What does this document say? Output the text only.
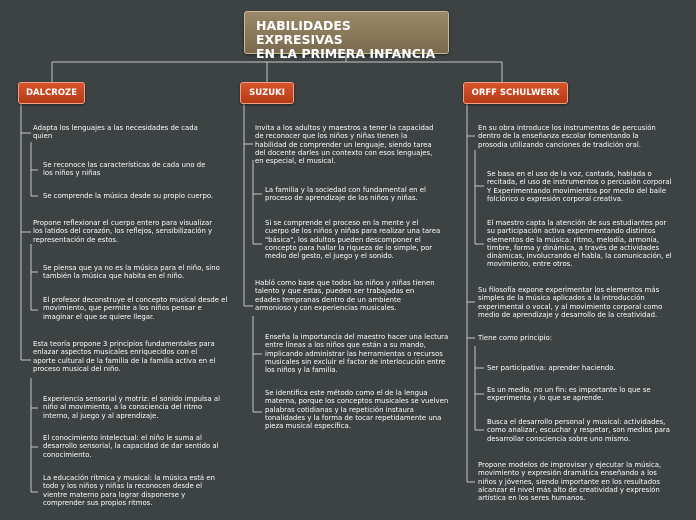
HABILIDADES EXPRESIVAS
EN LA PRIMERA INFANCIA
DALCROZE	SUZUKI	ORFF SCHULWERK

Adapta los lenguajes a las necesidades de cada quien

Se reconoce las características de cada uno de los niños y niñas

Se comprende la música desde su propio cuerpo.

Propone reflexionar el cuerpo entero para visualizar los latidos del corazón, los reflejos, sensibilización y representación de estos.

Se piensa que ya no es la música para el niño, sino también la música que habita en el niño.

El profesor deconstruye el concepto musical desde el movimiento, que permite a los niños pensar e imaginar el que se quiere llegar.

Esta teoría propone 3 principios fundamentales para enlazar aspectos musicales enriquecidos con el aporte cultural de la familia de la familia activa en el proceso musical del niño.

Experiencia sensorial y motriz: el sonido impulsa al niño al movimiento, a la consciencia del ritmo interno, al juego y al aprendizaje.

El conocimiento intelectual: el niño le suma al desarrollo sensorial, la capacidad de dar sentido al conocimiento.

La educación rítmica y musical: la música está en todo y los niños y niñas la reconocen desde el vientre materno para lograr disponerse y comprender sus propios ritmos.

Invita a los adultos y maestros a tener la capacidad de reconocer que los niños y niñas tienen la habilidad de comprender un lenguaje, siendo tarea del docente darles un contexto con esos lenguajes, en especial, el musical.

La familia y la sociedad con fundamental en el proceso de aprendizaje de los niños y niñas.

Si se comprende el proceso en la mente y el cuerpo de los niños y niñas para realizar una tarea "básica", los adultos pueden descomponer el concepto para hallar la riqueza de lo simple, por medio del gesto, el juego y el sonido.

Habló como base que todos los niños y niñas tienen talento y que éstas, pueden ser trabajadas en edades tempranas dentro de un ambiente armonioso y con experiencias musicales.

Enseña la importancia del maestro hacer una lectura entre líneas a los niños que están a su mando, implicando administrar las herramientas o recursos musicales sin excluir el factor de interlocución entre los niños y la familia.

Se identifica este método como el de la lengua materna, porque los conceptos musicales se vuelven palabras cotidianas y la repetición instaura tonalidades y la forma de tocar repetidamente una pieza musical específica.

En su obra introduce los instrumentos de percusión dentro de la enseñanza escolar fomentando la prosodia utilizando canciones de tradición oral.

Se basa en el uso de la voz, cantada, hablada o recitada, el uso de instrumentos o percusión corporal Y Experimentando movimientos por medio del baile folclórico o expresión corporal creativa.

El maestro capta la atención de sus estudiantes por su participación activa experimentando distintos elementos de la música: ritmo, melodía, armonía, timbre, forma y dinámica, a través de actividades dinámicas, involucrando el habla, la comunicación, el movimiento, entre otros.

Su filosofía expone experimentar los elementos más simples de la música aplicados a la introducción experimental o vocal, y al movimiento corporal como medio de aprendizaje y desarrollo de la creatividad.

Tiene como principio:

Ser participativa: aprender haciendo.

Es un medio, no un fin: es importante lo que se experimenta y lo que se aprende.

Busca el desarrollo personal y musical: actividades, como analizar, escuchar y respetar, son medios para desarrollar consciencia sobre uno mismo.

Propone modelos de improvisar y ejecutar la música, movimiento y expresión dramática enseñando a los niños y jóvenes, siendo importante en los resultados alcanzar el nivel más alto de creatividad y expresión artística en los seres humanos.
